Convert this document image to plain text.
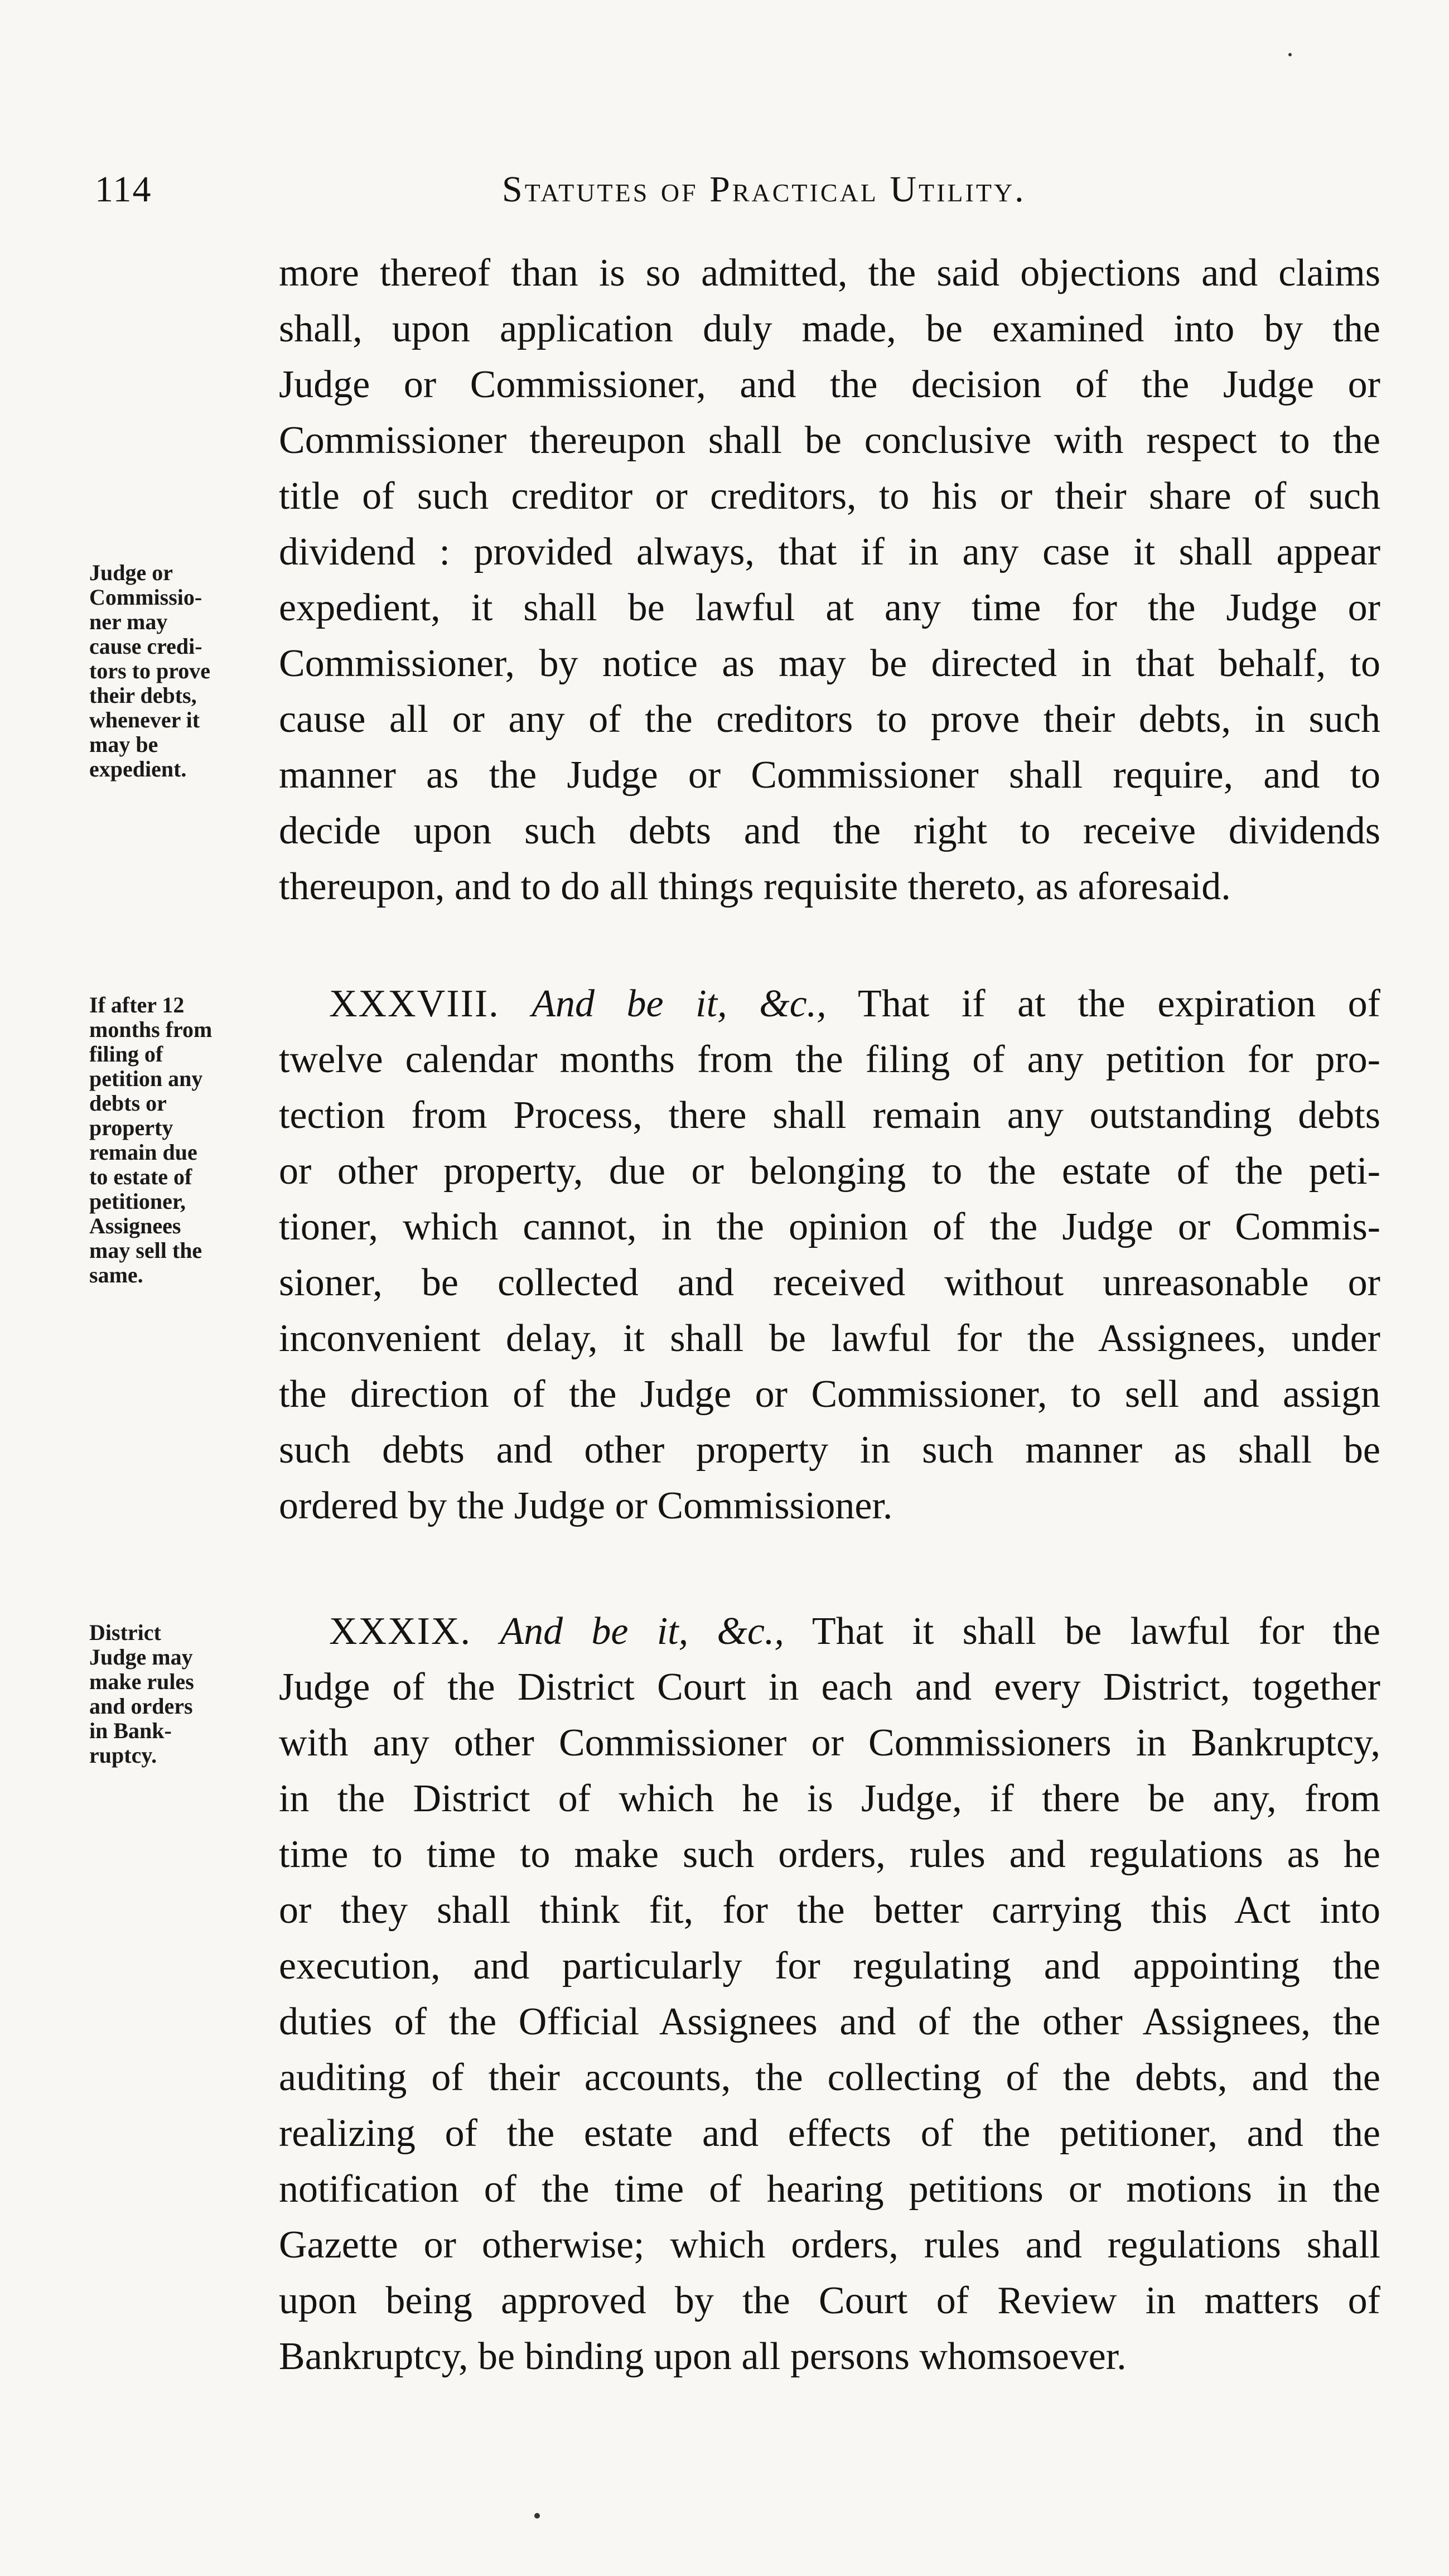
114	Statutes of Practical Utility.
more thereof than is so admitted, the said objections and claims
shall, upon application duly made, be examined into by the
Judge or Commissioner, and the decision of the Judge or
Commissioner thereupon shall be conclusive with respect to the
title of such creditor or creditors, to his or their share of such
dividend : provided always, that if in any case it shall appear
expedient, it shall be lawful at any time for the Judge or
Commissioner, by notice as may be directed in that behalf, to
cause all or any of the creditors to prove their debts, in such
manner as the Judge or Commissioner shall require, and to
decide upon such debts and the right to receive dividends
thereupon, and to do all things requisite thereto, as aforesaid.
Judge or
Commissio-
ner may
cause credi-
tors to prove
their debts,
whenever it
may be
expedient.
XXXVIII. And be it, &c., That if at the expiration of
twelve calendar months from the filing of any petition for pro-
tection from Process, there shall remain any outstanding debts
or other property, due or belonging to the estate of the peti-
tioner, which cannot, in the opinion of the Judge or Commis-
sioner, be collected and received without unreasonable or
inconvenient delay, it shall be lawful for the Assignees, under
the direction of the Judge or Commissioner, to sell and assign
such debts and other property in such manner as shall be
ordered by the Judge or Commissioner.
If after 12
months from
filing of
petition any
debts or
property
remain due
to estate of
petitioner,
Assignees
may sell the
same.
XXXIX. And be it, &c., That it shall be lawful for the
Judge of the District Court in each and every District, together
with any other Commissioner or Commissioners in Bankruptcy,
in the District of which he is Judge, if there be any, from
time to time to make such orders, rules and regulations as he
or they shall think fit, for the better carrying this Act into
execution, and particularly for regulating and appointing the
duties of the Official Assignees and of the other Assignees, the
auditing of their accounts, the collecting of the debts, and the
realizing of the estate and effects of the petitioner, and the
notification of the time of hearing petitions or motions in the
Gazette or otherwise; which orders, rules and regulations shall
upon being approved by the Court of Review in matters of
Bankruptcy, be binding upon all persons whomsoever.
District
Judge may
make rules
and orders
in Bank-
ruptcy.
